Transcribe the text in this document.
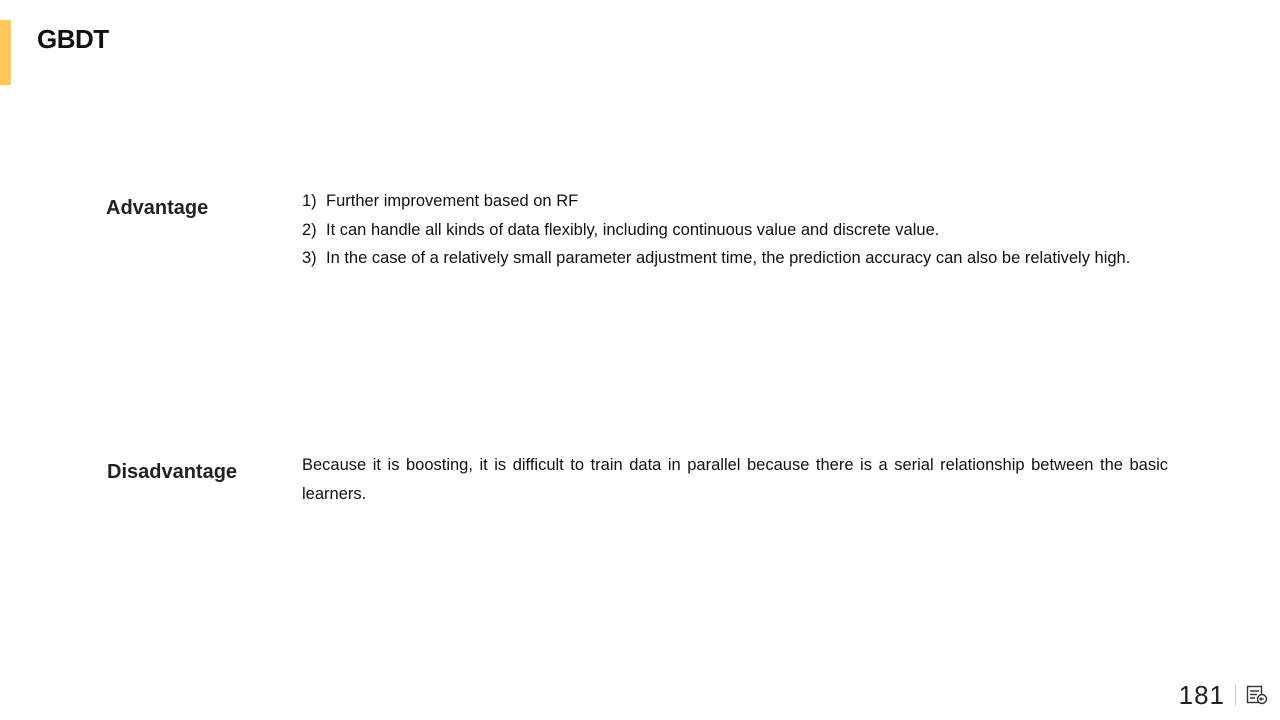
GBDT
Advantage	1) Further improvement based on RF
2) It can handle all kinds of data flexibly, including continuous value and discrete value.
3) In the case of a relatively small parameter adjustment time, the prediction accuracy can also be relatively high.
Disadvantage	Because it is boosting, it is difficult to train data in parallel because there is a serial relationship between the basic learners.
181
